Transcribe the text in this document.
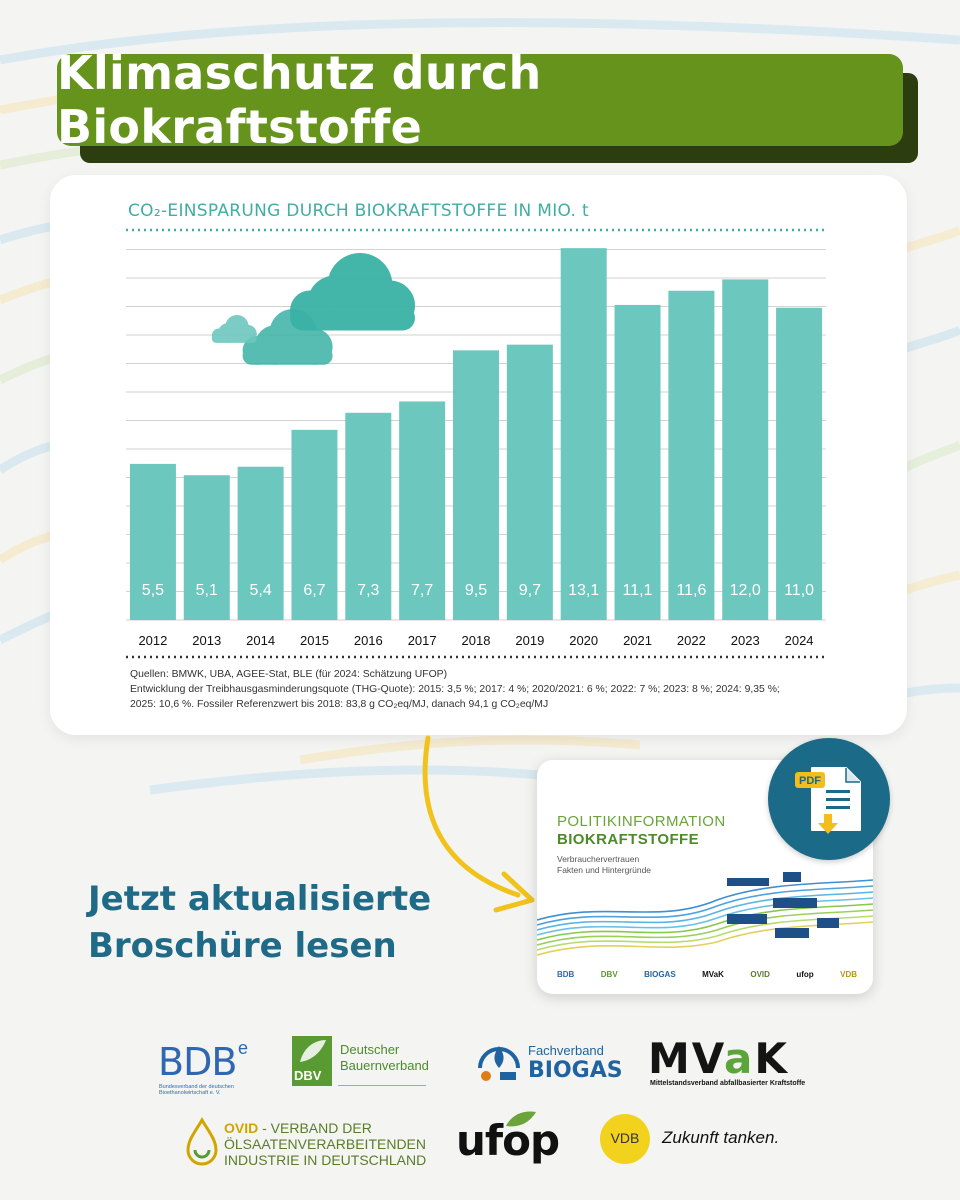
Klimaschutz durch Biokraftstoffe
5,5
2012
5,1
2013
5,4
2014
6,7
2015
7,3
2016
7,7
2017
9,5
2018
9,7
2019
13,1
2020
11,1
2021
11,6
2022
12,0
2023
11,0
2024
CO₂-EINSPARUNG DURCH BIOKRAFTSTOFFE IN MIO. t
Quellen: BMWK, UBA, AGEE-Stat, BLE (für 2024: Schätzung UFOP)
Entwicklung der Treibhausgasminderungsquote (THG-Quote): 2015: 3,5 %; 2017: 4 %; 2020/2021: 6 %; 2022: 7 %; 2023: 8 %; 2024: 9,35 %;
2025: 10,6 %. Fossiler Referenzwert bis 2018: 83,8 g CO₂eq/MJ, danach 94,1 g CO₂eq/MJ

Jetzt aktualisierte
Broschüre lesen

POLITIKINFORMATION
BIOKRAFTSTOFFE
Verbrauchervertrauen
Fakten und Hintergründe
BDB	DBV	BIOGAS	MVaK	OVID	ufop	VDB
PDF
BDB e
Bundesverband der deutschen Bioethanolwirtschaft e. V.
DBV
Deutscher
Bauernverband
Fachverband
BIOGAS MVaK
Mittelstandsverband abfallbasierter Kraftstoffe
OVID - VERBAND DER
ÖLSAATENVERARBEITENDEN
INDUSTRIE IN DEUTSCHLAND ufop	VDB	Zukunft tanken.
